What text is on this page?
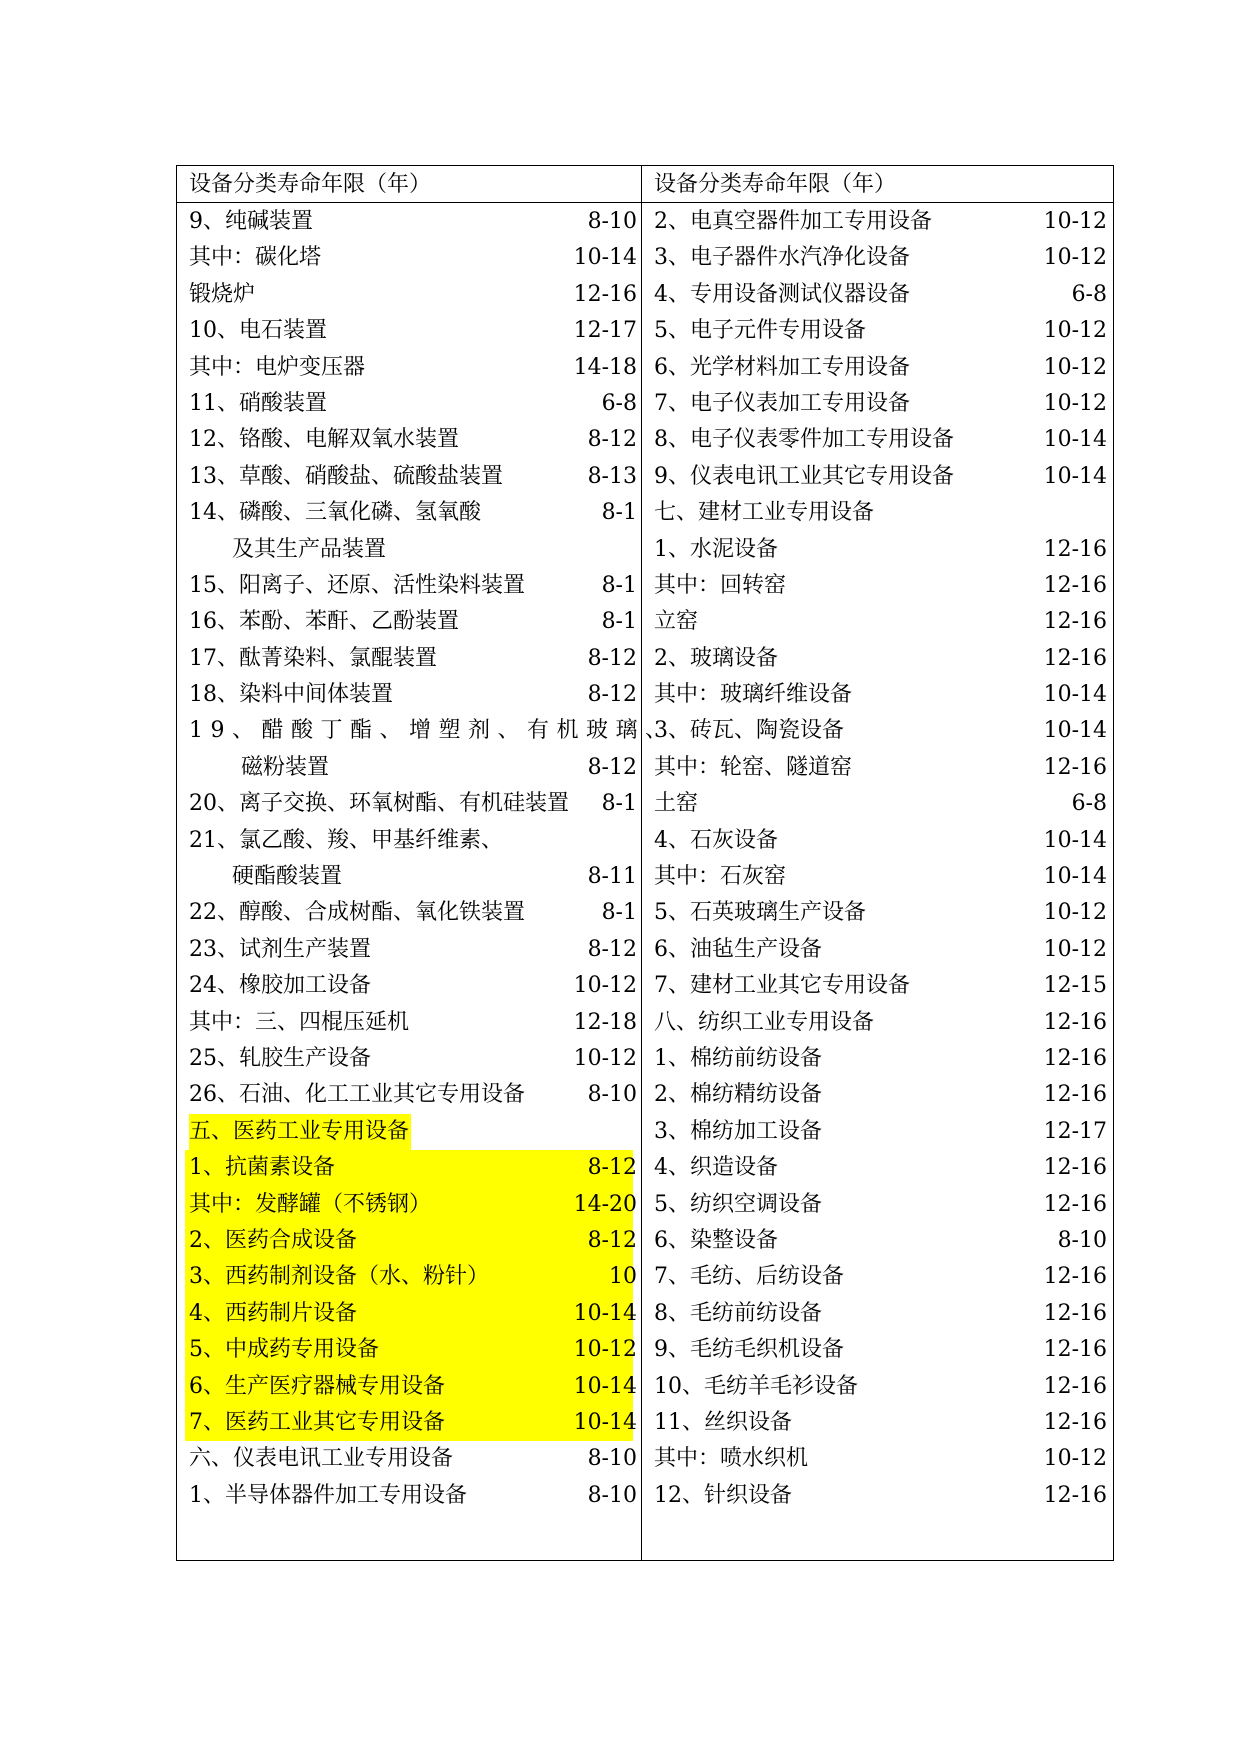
设备分类寿命年限（年）
9、纯碱装置	8-10
其中：碳化塔	10-14
锻烧炉	12-16
10、电石装置	12-17
其中：电炉变压器	14-18
11、硝酸装置	6-8
12、铬酸、电解双氧水装置	8-12
13、草酸、硝酸盐、硫酸盐装置	8-13
14、磷酸、三氧化磷、氢氧酸	8-1
及其生产品装置
15、阳离子、还原、活性染料装置	8-1
16、苯酚、苯酐、乙酚装置	8-1
17、酞菁染料、氯醌装置	8-12
18、染料中间体装置	8-12
19、醋酸丁酯、增塑剂、有机玻璃、
磁粉装置	8-12
20、离子交换、环氧树酯、有机硅装置 8-1
21、氯乙酸、羧、甲基纤维素、
硬酯酸装置	8-11
22、醇酸、合成树酯、氧化铁装置	8-1
23、试剂生产装置	8-12
24、橡胶加工设备	10-12
其中：三、四棍压延机	12-18
25、轧胶生产设备	10-12
26、石油、化工工业其它专用设备	8-10
五、医药工业专用设备
1、抗菌素设备	8-12
其中：发酵罐（不锈钢）	14-20
2、医药合成设备	8-12
3、西药制剂设备（水、粉针）	10
4、西药制片设备	10-14
5、中成药专用设备	10-12
6、生产医疗器械专用设备	10-14
7、医药工业其它专用设备	10-14
六、仪表电讯工业专用设备	8-10
1、半导体器件加工专用设备	8-10
设备分类寿命年限（年）
2、电真空器件加工专用设备	10-12
3、电子器件水汽净化设备	10-12
4、专用设备测试仪器设备	6-8
5、电子元件专用设备	10-12
6、光学材料加工专用设备	10-12
7、电子仪表加工专用设备	10-12
8、电子仪表零件加工专用设备	10-14
9、仪表电讯工业其它专用设备	10-14
七、建材工业专用设备
1、水泥设备	12-16
其中：回转窑	12-16
立窑	12-16
2、玻璃设备	12-16
其中：玻璃纤维设备	10-14
3、砖瓦、陶瓷设备	10-14
其中：轮窑、隧道窑	12-16
土窑	6-8
4、石灰设备	10-14
其中：石灰窑	10-14
5、石英玻璃生产设备	10-12
6、油毡生产设备	10-12
7、建材工业其它专用设备	12-15
八、纺织工业专用设备	12-16
1、棉纺前纺设备	12-16
2、棉纺精纺设备	12-16
3、棉纺加工设备	12-17
4、织造设备	12-16
5、纺织空调设备	12-16
6、染整设备	8-10
7、毛纺、后纺设备	12-16
8、毛纺前纺设备	12-16
9、毛纺毛织机设备	12-16
10、毛纺羊毛衫设备	12-16
11、丝织设备	12-16
其中：喷水织机	10-12
12、针织设备	12-16
